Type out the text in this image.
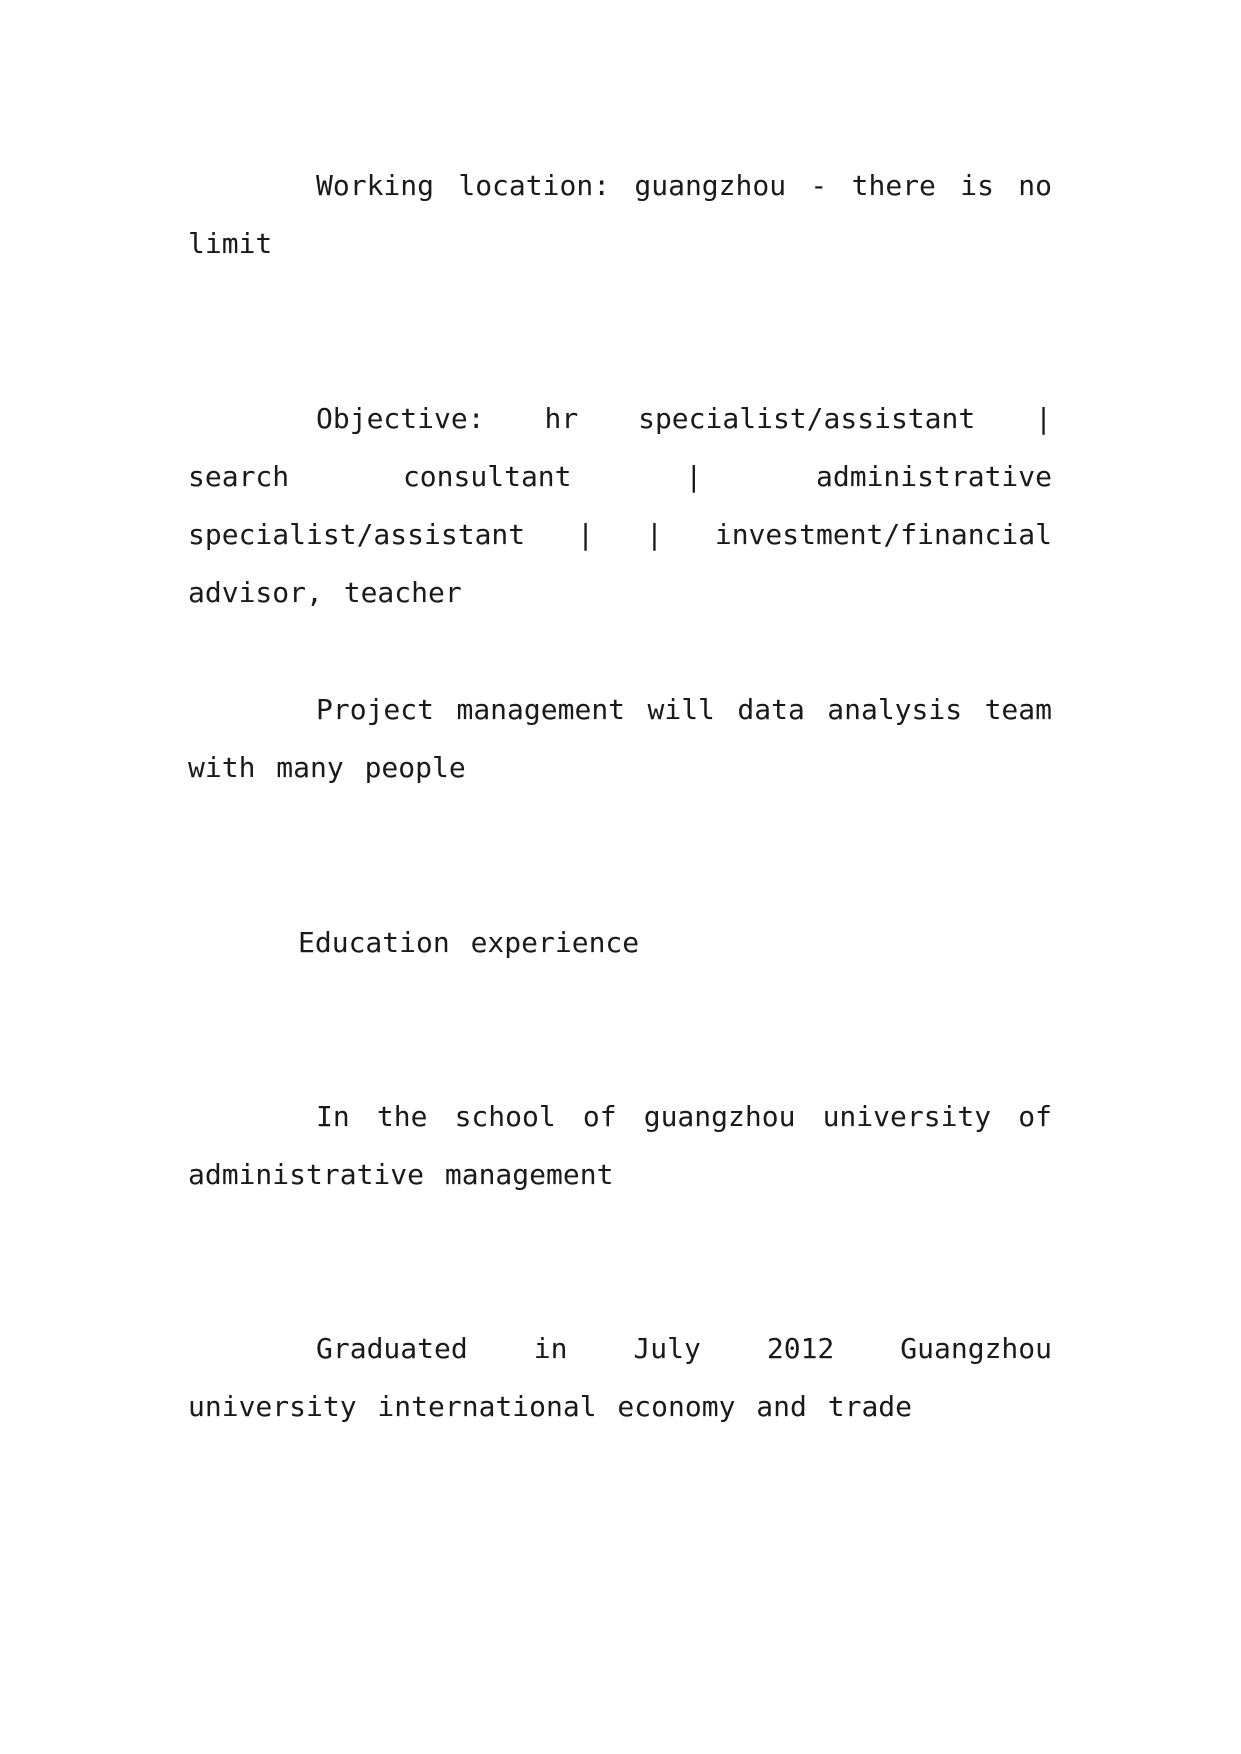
Working location: guangzhou - there is no limit

Objective: hr specialist/assistant | search consultant | administrative specialist/assistant | | investment/financial advisor, teacher

Project management will data analysis team with many people

Education experience

In the school of guangzhou university of administrative management

Graduated in July 2012 Guangzhou university international economy and trade
